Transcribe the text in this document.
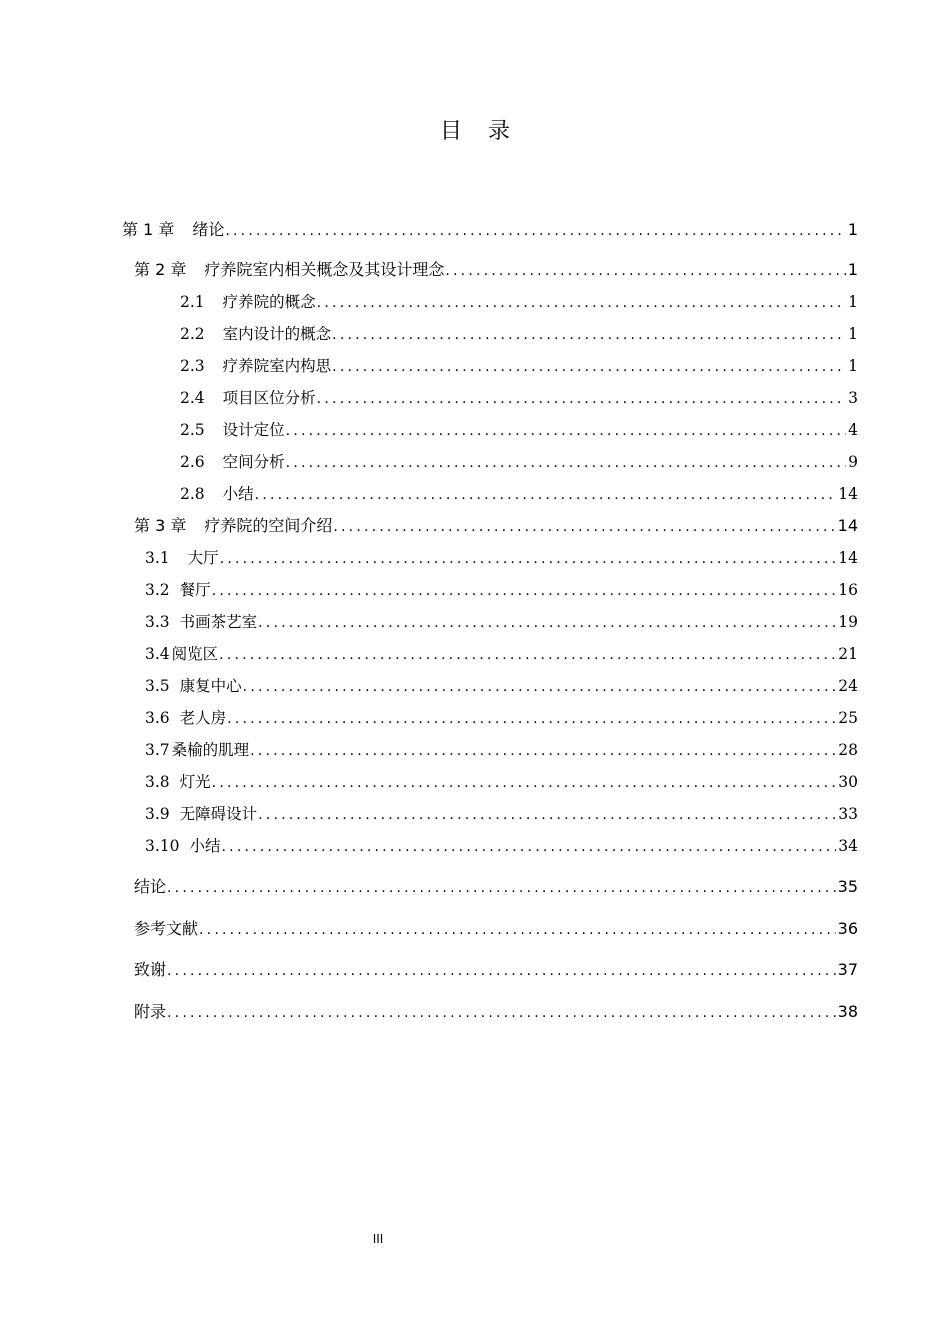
目录
第 1 章 绪论 .....	1
第 2 章 疗养院室内相关概念及其设计理念 .....	1
2.1 疗养院的概念 .....	1
2.2 室内设计的概念 .....	1
2.3 疗养院室内构思 .....	1
2.4 项目区位分析 .....	3
2.5 设计定位 .....	4
2.6 空间分析 .....	9
2.8 小结 .....	14
第 3 章 疗养院的空间介绍 .....	14
3.1 大厅 .....	14
3.2 餐厅 .....	16
3.3 书画茶艺室 .....	19
3.4 阅览区 .....	21
3.5 康复中心 .....	24
3.6 老人房 .....	25
3.7 桑榆的肌理 .....	28
3.8 灯光 .....	30
3.9 无障碍设计 .....	33
3.10 小结 .....	34
结论 .....	35
参考文献 .....	36
致谢 .....	37
附录 .....	38
III
